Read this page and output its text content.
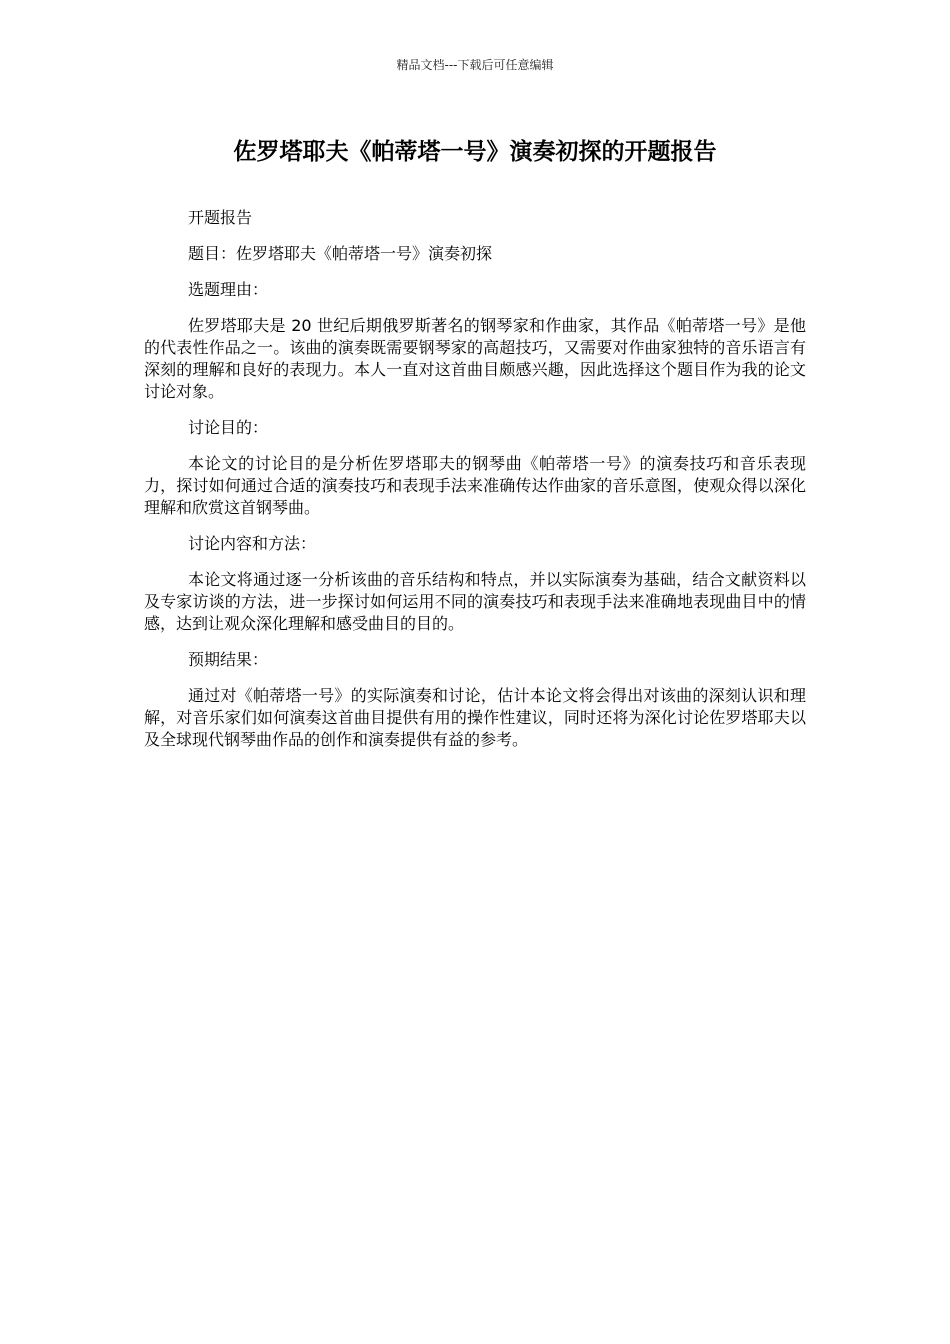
精品文档---下载后可任意编辑
佐罗塔耶夫《帕蒂塔一号》演奏初探的开题报告

开题报告

题目：佐罗塔耶夫《帕蒂塔一号》演奏初探

选题理由：

佐罗塔耶夫是 20 世纪后期俄罗斯著名的钢琴家和作曲家，其作品《帕蒂塔一号》是他的代表性作品之一。该曲的演奏既需要钢琴家的高超技巧，又需要对作曲家独特的音乐语言有深刻的理解和良好的表现力。本人一直对这首曲目颇感兴趣，因此选择这个题目作为我的论文讨论对象。

讨论目的：

本论文的讨论目的是分析佐罗塔耶夫的钢琴曲《帕蒂塔一号》的演奏技巧和音乐表现力，探讨如何通过合适的演奏技巧和表现手法来准确传达作曲家的音乐意图，使观众得以深化理解和欣赏这首钢琴曲。

讨论内容和方法：

本论文将通过逐一分析该曲的音乐结构和特点，并以实际演奏为基础，结合文献资料以及专家访谈的方法，进一步探讨如何运用不同的演奏技巧和表现手法来准确地表现曲目中的情感，达到让观众深化理解和感受曲目的目的。

预期结果：

通过对《帕蒂塔一号》的实际演奏和讨论，估计本论文将会得出对该曲的深刻认识和理解，对音乐家们如何演奏这首曲目提供有用的操作性建议，同时还将为深化讨论佐罗塔耶夫以及全球现代钢琴曲作品的创作和演奏提供有益的参考。
